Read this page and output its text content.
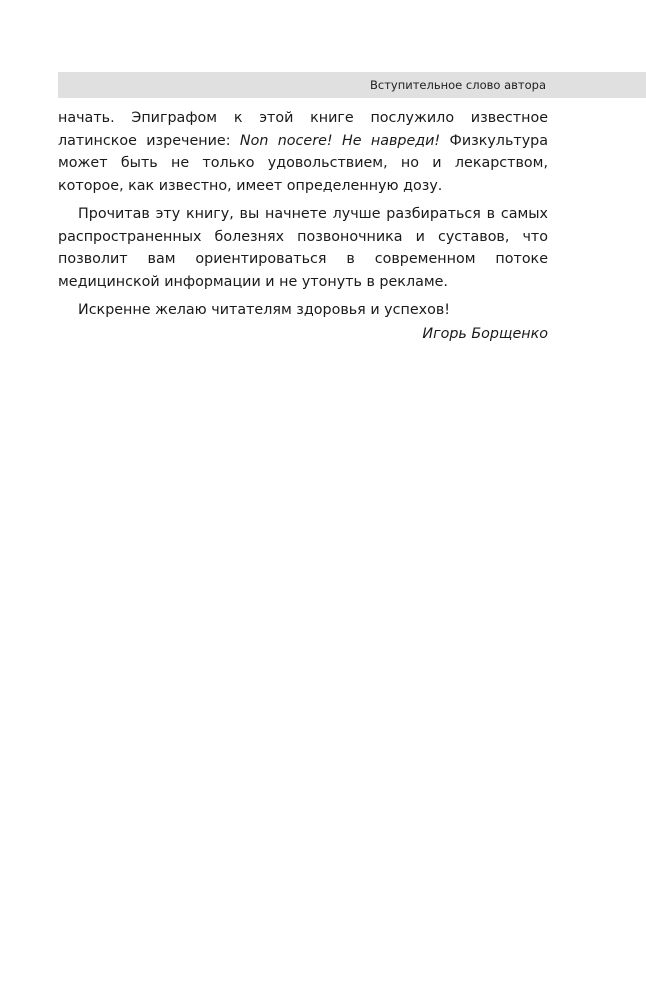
Вступительное слово автора

начать. Эпиграфом к этой книге послужило известное латинское изречение: Non nocere! Не навреди! Физкультура может быть не только удовольствием, но и лекарством, которое, как известно, имеет определенную дозу.

Прочитав эту книгу, вы начнете лучше разбираться в самых распространенных болезнях позвоночника и суставов, что позволит вам ориентироваться в современном потоке медицинской информации и не утонуть в рекламе.

Искренне желаю читателям здоровья и успехов!

Игорь Борщенко
